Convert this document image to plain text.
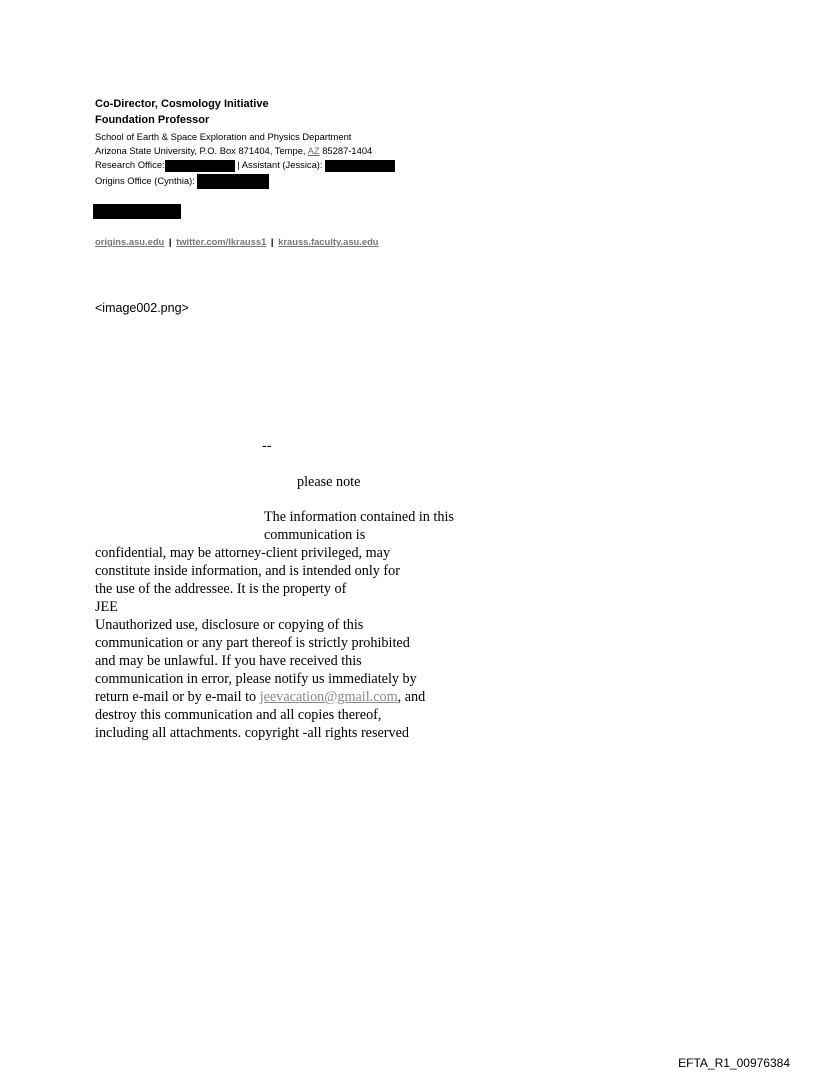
Co-Director, Cosmology Initiative
Foundation Professor
School of Earth & Space Exploration and Physics Department
Arizona State University, P.O. Box 871404, Tempe, AZ 85287-1404
Research Office:	| Assistant (Jessica):
Origins Office (Cynthia):
origins.asu.edu | twitter.com/lkrauss1 | krauss.faculty.asu.edu
<image002.png>
--
please note
The information contained in this
communication is
confidential, may be attorney-client privileged, may
constitute inside information, and is intended only for
the use of the addressee. It is the property of
JEE
Unauthorized use, disclosure or copying of this
communication or any part thereof is strictly prohibited
and may be unlawful. If you have received this
communication in error, please notify us immediately by
return e-mail or by e-mail to jeevacation@gmail.com, and
destroy this communication and all copies thereof,
including all attachments. copyright -all rights reserved
EFTA_R1_00976384
